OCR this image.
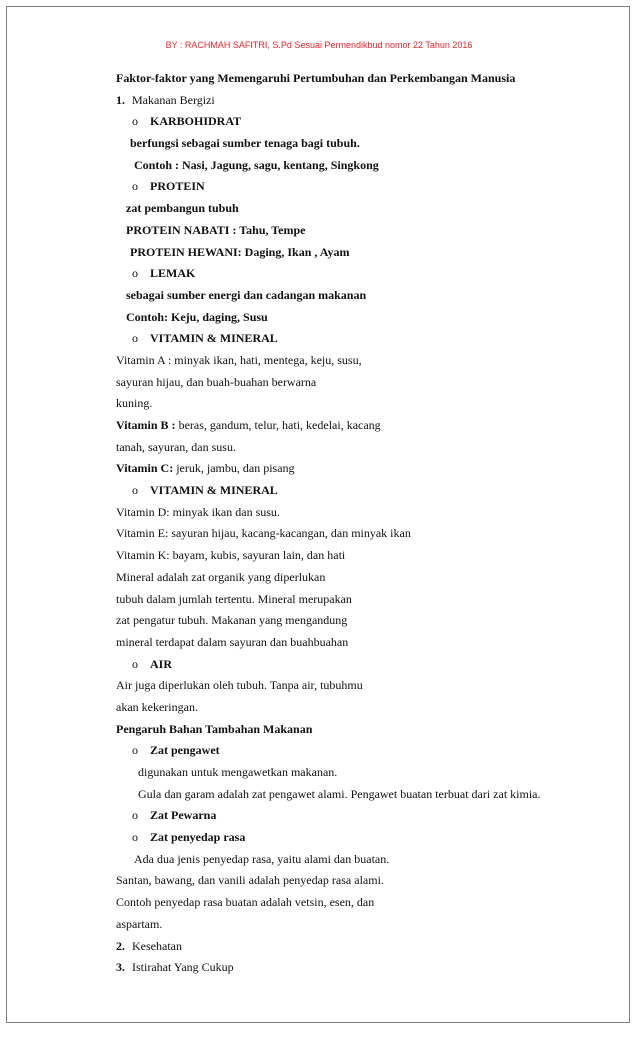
BY : RACHMAH SAFITRI, S.Pd Sesuai Permendikbud nomor 22 Tahun 2016
Faktor-faktor yang Memengaruhi Pertumbuhan dan Perkembangan Manusia
1. Makanan Bergizi
o KARBOHIDRAT
berfungsi sebagai sumber tenaga bagi tubuh.
Contoh : Nasi, Jagung, sagu, kentang, Singkong
o PROTEIN
zat pembangun tubuh
PROTEIN NABATI : Tahu, Tempe
PROTEIN HEWANI: Daging, Ikan , Ayam
o LEMAK
sebagai sumber energi dan cadangan makanan
Contoh: Keju, daging, Susu
o VITAMIN & MINERAL
Vitamin A : minyak ikan, hati, mentega, keju, susu,
sayuran hijau, dan buah-buahan berwarna
kuning.
Vitamin B : beras, gandum, telur, hati, kedelai, kacang
tanah, sayuran, dan susu.
Vitamin C: jeruk, jambu, dan pisang
o VITAMIN & MINERAL
Vitamin D: minyak ikan dan susu.
Vitamin E: sayuran hijau, kacang-kacangan, dan minyak ikan
Vitamin K: bayam, kubis, sayuran lain, dan hati
Mineral adalah zat organik yang diperlukan
tubuh dalam jumlah tertentu. Mineral merupakan
zat pengatur tubuh. Makanan yang mengandung
mineral terdapat dalam sayuran dan buahbuahan
o AIR
Air juga diperlukan oleh tubuh. Tanpa air, tubuhmu
akan kekeringan.
Pengaruh Bahan Tambahan Makanan
o Zat pengawet
digunakan untuk mengawetkan makanan.
Gula dan garam adalah zat pengawet alami. Pengawet buatan terbuat dari zat kimia.
o Zat Pewarna
o Zat penyedap rasa
Ada dua jenis penyedap rasa, yaitu alami dan buatan.
Santan, bawang, dan vanili adalah penyedap rasa alami.
Contoh penyedap rasa buatan adalah vetsin, esen, dan
aspartam.
2. Kesehatan
3. Istirahat Yang Cukup
